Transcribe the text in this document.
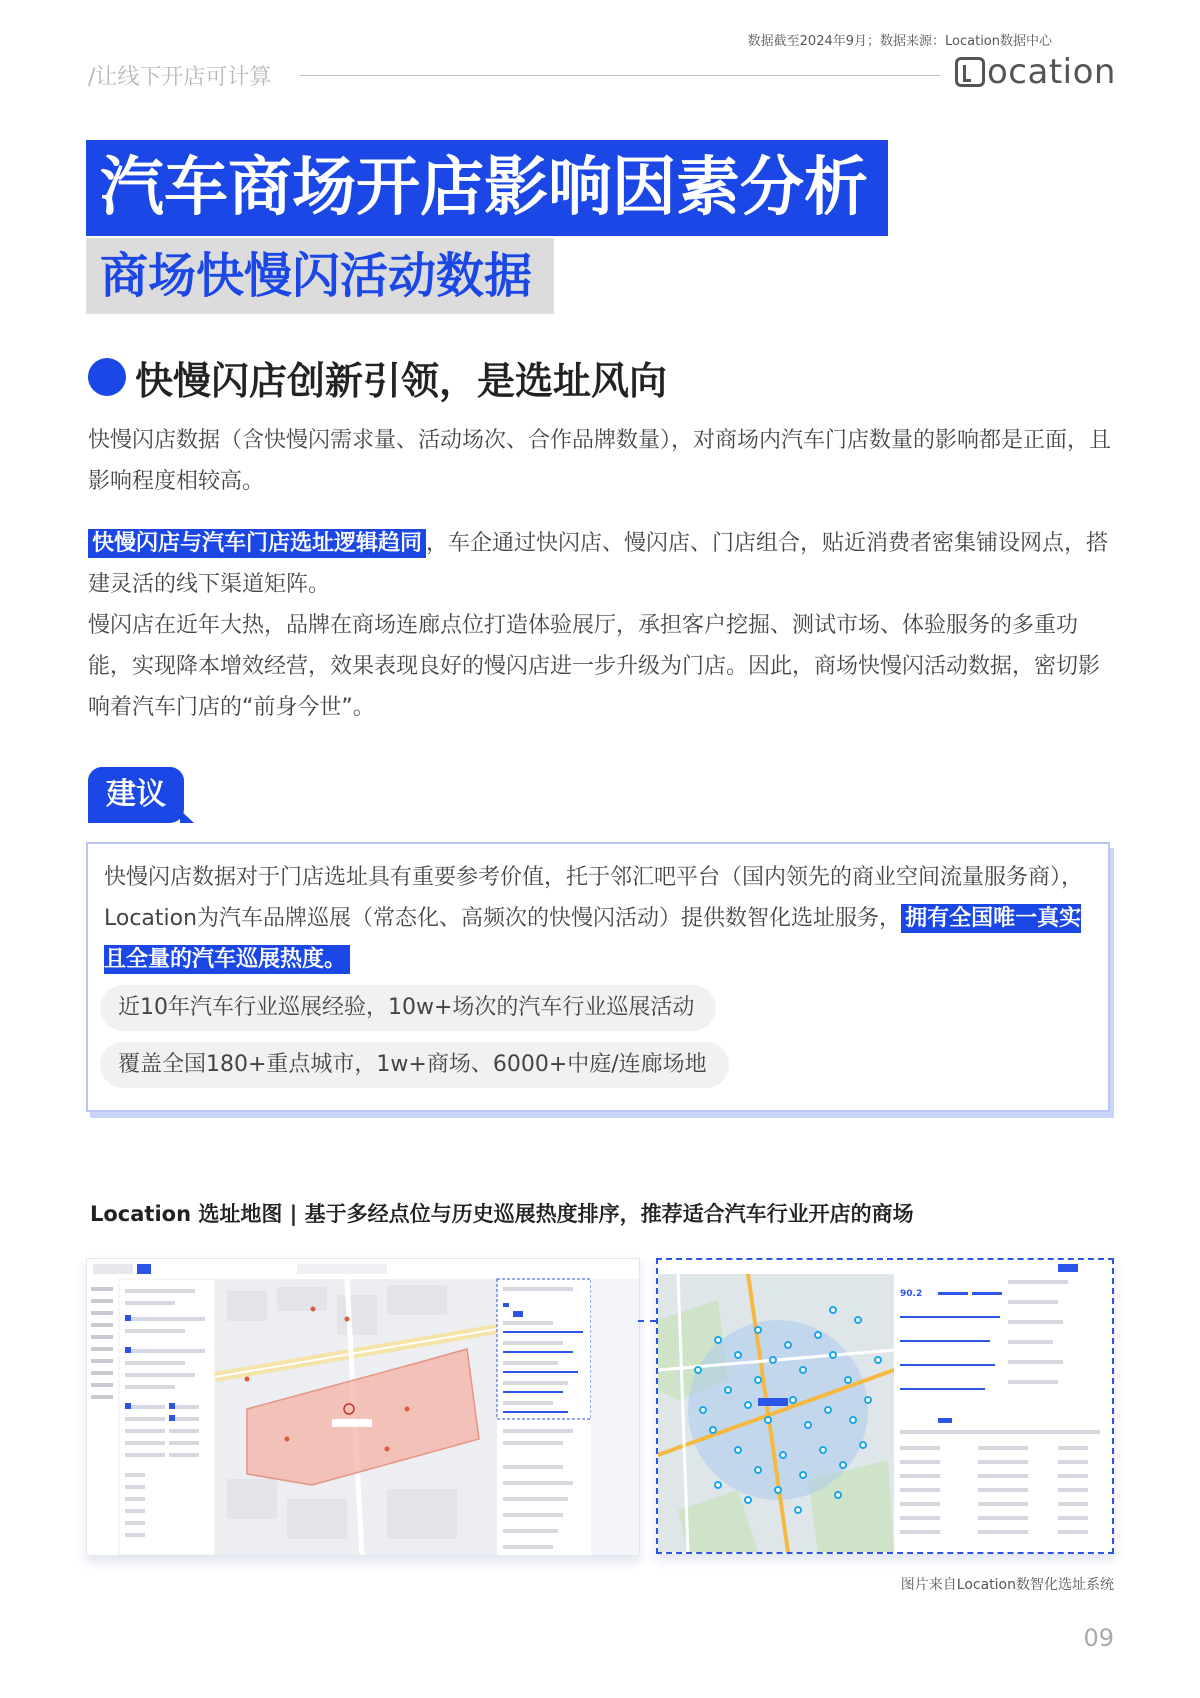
数据截至2024年9月；数据来源：Location数据中心
/让线下开店可计算	ocation
汽车商场开店影响因素分析
商场快慢闪活动数据
快慢闪店创新引领，是选址风向
快慢闪店数据（含快慢闪需求量、活动场次、合作品牌数量），对商场内汽车门店数量的影响都是正面，且影响程度相较高。
快慢闪店与汽车门店选址逻辑趋同 ，车企通过快闪店、慢闪店、门店组合，贴近消费者密集铺设网点，搭建灵活的线下渠道矩阵。
慢闪店在近年大热，品牌在商场连廊点位打造体验展厅，承担客户挖掘、测试市场、体验服务的多重功能，实现降本增效经营，效果表现良好的慢闪店进一步升级为门店。因此，商场快慢闪活动数据，密切影响着汽车门店的“前身今世”。
建议
快慢闪店数据对于门店选址具有重要参考价值，托于邻汇吧平台（国内领先的商业空间流量服务商），Location为汽车品牌巡展（常态化、高频次的快慢闪活动）提供数智化选址服务， 拥有全国唯一真实且全量的汽车巡展热度。
近10年汽车行业巡展经验，10w+场次的汽车行业巡展活动
覆盖全国180+重点城市，1w+商场、6000+中庭/连廊场地
Location 选址地图 | 基于多经点位与历史巡展热度排序，推荐适合汽车行业开店的商场
90.2
图片来自Location数智化选址系统
09
